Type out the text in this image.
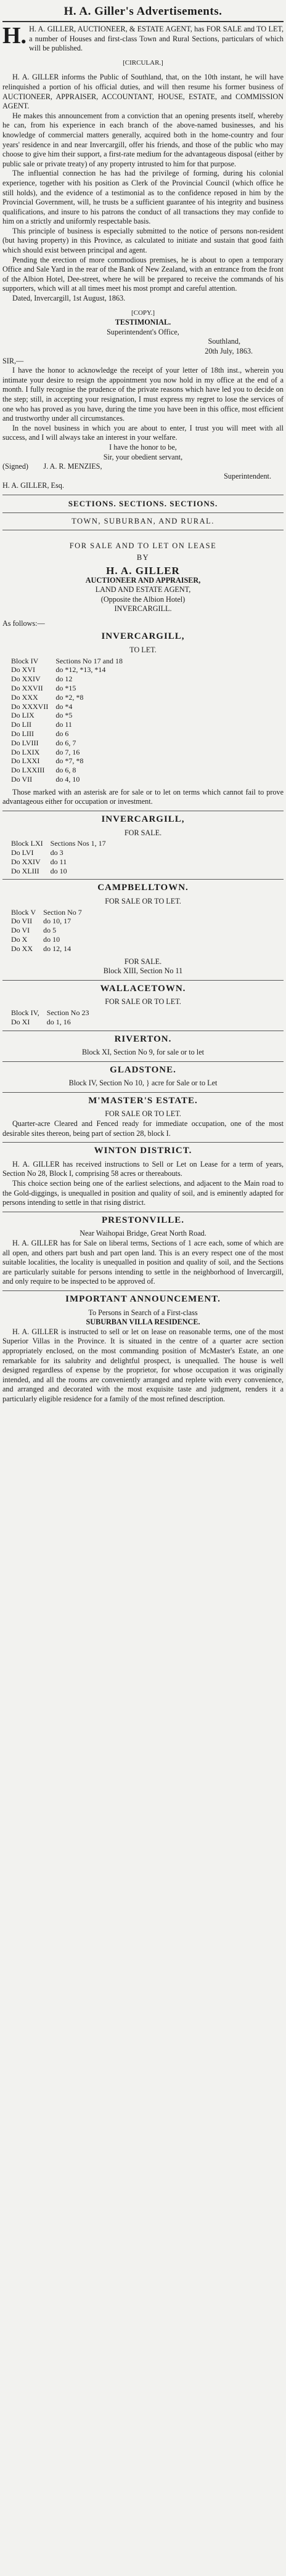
H. A. Giller's Advertisements.

H. H. A. GILLER, AUCTIONEER, & ESTATE AGENT, has FOR SALE and TO LET, a number of Houses and first-class Town and Rural Sections, particulars of which will be published.

[CIRCULAR.]

H. A. GILLER informs the Public of Southland, that, on the 10th instant, he will have relinquished a portion of his official duties, and will then resume his former business of AUCTIONEER, APPRAISER, ACCOUNTANT, HOUSE, ESTATE, and COMMISSION AGENT.

He makes this announcement from a conviction that an opening presents itself, whereby he can, from his experience in each branch of the above-named businesses, and his knowledge of commercial matters generally, acquired both in the home-country and four years' residence in and near Invercargill, offer his friends, and those of the public who may choose to give him their support, a first-rate medium for the advantageous disposal (either by public sale or private treaty) of any property intrusted to him for that purpose.

The influential connection he has had the privilege of forming, during his colonial experience, together with his position as Clerk of the Provincial Council (which office he still holds), and the evidence of a testimonial as to the confidence reposed in him by the Provincial Government, will, he trusts be a sufficient guarantee of his integrity and business qualifications, and insure to his patrons the conduct of all transactions they may confide to him on a strictly and uniformly respectable basis.

This principle of business is especially submitted to the notice of persons non-resident (but having property) in this Province, as calculated to initiate and sustain that good faith which should exist between principal and agent.

Pending the erection of more commodious premises, he is about to open a temporary Office and Sale Yard in the rear of the Bank of New Zealand, with an entrance from the front of the Albion Hotel, Dee-street, where he will be prepared to receive the commands of his supporters, which will at all times meet his most prompt and careful attention.

Dated, Invercargill, 1st August, 1863.

[COPY.]

TESTIMONIAL.

Superintendent's Office,

Southland,

20th July, 1863.

SIR,—

I have the honor to acknowledge the receipt of your letter of 18th inst., wherein you intimate your desire to resign the appointment you now hold in my office at the end of a month. I fully recognise the prudence of the private reasons which have led you to decide on the step; still, in accepting your resignation, I must express my regret to lose the services of one who has proved as you have, during the time you have been in this office, most efficient and trustworthy under all circumstances.

In the novel business in which you are about to enter, I trust you will meet with all success, and I will always take an interest in your welfare.

I have the honor to be,

Sir, your obedient servant,

(Signed) J. A. R. MENZIES,

Superintendent.

H. A. GILLER, Esq.

SECTIONS. SECTIONS. SECTIONS.
TOWN, SUBURBAN, AND RURAL.
FOR SALE AND TO LET ON LEASE
BY

H. A. GILLER

AUCTIONEER AND APPRAISER,

LAND AND ESTATE AGENT,

(Opposite the Albion Hotel)

INVERCARGILL.

As follows:—

INVERCARGILL,

TO LET.

Block IV	Sections No 17 and 18
Do XVI	do *12, *13, *14
Do XXIV	do 12
Do XXVII	do *15
Do XXX	do *2, *8
Do XXXVII	do *4
Do LIX	do *5
Do LII	do 11
Do LIII	do 6
Do LVIII	do 6, 7
Do LXIX	do 7, 16
Do LXXI	do *7, *8
Do LXXIII	do 6, 8
Do VII	do 4, 10

Those marked with an asterisk are for sale or to let on terms which cannot fail to prove advantageous either for occupation or investment.

INVERCARGILL,

FOR SALE.

Block LXI	Sections Nos 1, 17
Do LVI	do 3
Do XXIV	do 11
Do XLIII	do 10

CAMPBELLTOWN.

FOR SALE OR TO LET.

Block V	Section No 7
Do VII	do 10, 17
Do VI	do 5
Do X	do 10
Do XX	do 12, 14

FOR SALE.

Block XIII, Section No 11

WALLACETOWN.

FOR SALE OR TO LET.

Block IV,	Section No 23
Do XI	do 1, 16

RIVERTON.

Block XI, Section No 9, for sale or to let

GLADSTONE.

Block IV, Section No 10, } acre for Sale or to Let

M'MASTER'S ESTATE.

FOR SALE OR TO LET.

Quarter-acre Cleared and Fenced ready for immediate occupation, one of the most desirable sites thereon, being part of section 28, block I.

WINTON DISTRICT.

H. A. GILLER has received instructions to Sell or Let on Lease for a term of years, Section No 28, Block I, comprising 58 acres or thereabouts.

This choice section being one of the earliest selections, and adjacent to the Main road to the Gold-diggings, is unequalled in position and quality of soil, and is eminently adapted for persons intending to settle in that rising district.

PRESTONVILLE.

Near Waihopai Bridge, Great North Road.

H. A. GILLER has for Sale on liberal terms, Sections of 1 acre each, some of which are all open, and others part bush and part open land. This is an every respect one of the most suitable localities, the locality is unequalled in position and quality of soil, and the Sections are particularly suitable for persons intending to settle in the neighborhood of Invercargill, and only require to be inspected to be approved of.

IMPORTANT ANNOUNCEMENT.

To Persons in Search of a First-class

SUBURBAN VILLA RESIDENCE.

H. A. GILLER is instructed to sell or let on lease on reasonable terms, one of the most Superior Villas in the Province. It is situated in the centre of a quarter acre section appropriately enclosed, on the most commanding position of McMaster's Estate, an one remarkable for its salubrity and delightful prospect, is unequalled. The house is well designed regardless of expense by the proprietor, for whose occupation it was originally intended, and all the rooms are conveniently arranged and replete with every convenience, and arranged and decorated with the most exquisite taste and judgment, renders it a particularly eligible residence for a family of the most refined description.
